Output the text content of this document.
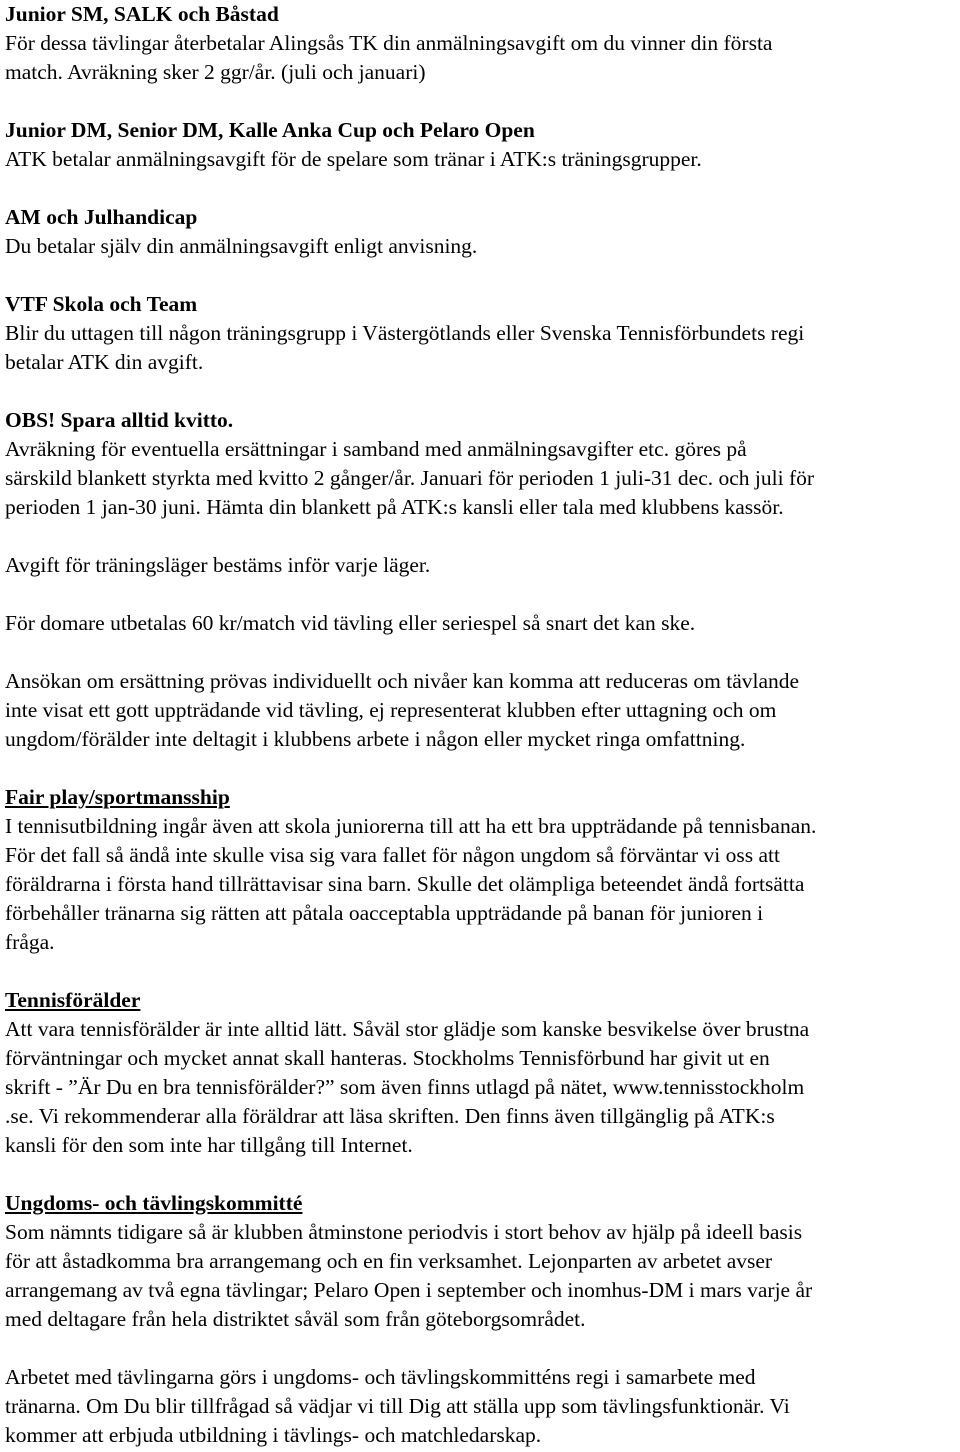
Junior SM, SALK och Båstad
För dessa tävlingar återbetalar Alingsås TK din anmälningsavgift om du vinner din första
match. Avräkning sker 2 ggr/år. (juli och januari)
Junior DM, Senior DM, Kalle Anka Cup och Pelaro Open
ATK betalar anmälningsavgift för de spelare som tränar i ATK:s träningsgrupper.
AM och Julhandicap
Du betalar själv din anmälningsavgift enligt anvisning.
VTF Skola och Team
Blir du uttagen till någon träningsgrupp i Västergötlands eller Svenska Tennisförbundets regi
betalar ATK din avgift.
OBS! Spara alltid kvitto.
Avräkning för eventuella ersättningar i samband med anmälningsavgifter etc. göres på
särskild blankett styrkta med kvitto 2 gånger/år. Januari för perioden 1 juli-31 dec. och juli för
perioden 1 jan-30 juni. Hämta din blankett på ATK:s kansli eller tala med klubbens kassör.
Avgift för träningsläger bestäms inför varje läger.
För domare utbetalas 60 kr/match vid tävling eller seriespel så snart det kan ske.
Ansökan om ersättning prövas individuellt och nivåer kan komma att reduceras om tävlande
inte visat ett gott uppträdande vid tävling, ej representerat klubben efter uttagning och om
ungdom/förälder inte deltagit i klubbens arbete i någon eller mycket ringa omfattning.
Fair play/sportmansship
I tennisutbildning ingår även att skola juniorerna till att ha ett bra uppträdande på tennisbanan.
För det fall så ändå inte skulle visa sig vara fallet för någon ungdom så förväntar vi oss att
föräldrarna i första hand tillrättavisar sina barn. Skulle det olämpliga beteendet ändå fortsätta
förbehåller tränarna sig rätten att påtala oacceptabla uppträdande på banan för junioren i
fråga.
Tennisförälder
Att vara tennisförälder är inte alltid lätt. Såväl stor glädje som kanske besvikelse över brustna
förväntningar och mycket annat skall hanteras. Stockholms Tennisförbund har givit ut en
skrift - ”Är Du en bra tennisförälder?” som även finns utlagd på nätet, www.tennisstockholm
.se. Vi rekommenderar alla föräldrar att läsa skriften. Den finns även tillgänglig på ATK:s
kansli för den som inte har tillgång till Internet.
Ungdoms- och tävlingskommitté
Som nämnts tidigare så är klubben åtminstone periodvis i stort behov av hjälp på ideell basis
för att åstadkomma bra arrangemang och en fin verksamhet. Lejonparten av arbetet avser
arrangemang av två egna tävlingar; Pelaro Open i september och inomhus-DM i mars varje år
med deltagare från hela distriktet såväl som från göteborgsområdet.
Arbetet med tävlingarna görs i ungdoms- och tävlingskommitténs regi i samarbete med
tränarna. Om Du blir tillfrågad så vädjar vi till Dig att ställa upp som tävlingsfunktionär. Vi
kommer att erbjuda utbildning i tävlings- och matchledarskap.
